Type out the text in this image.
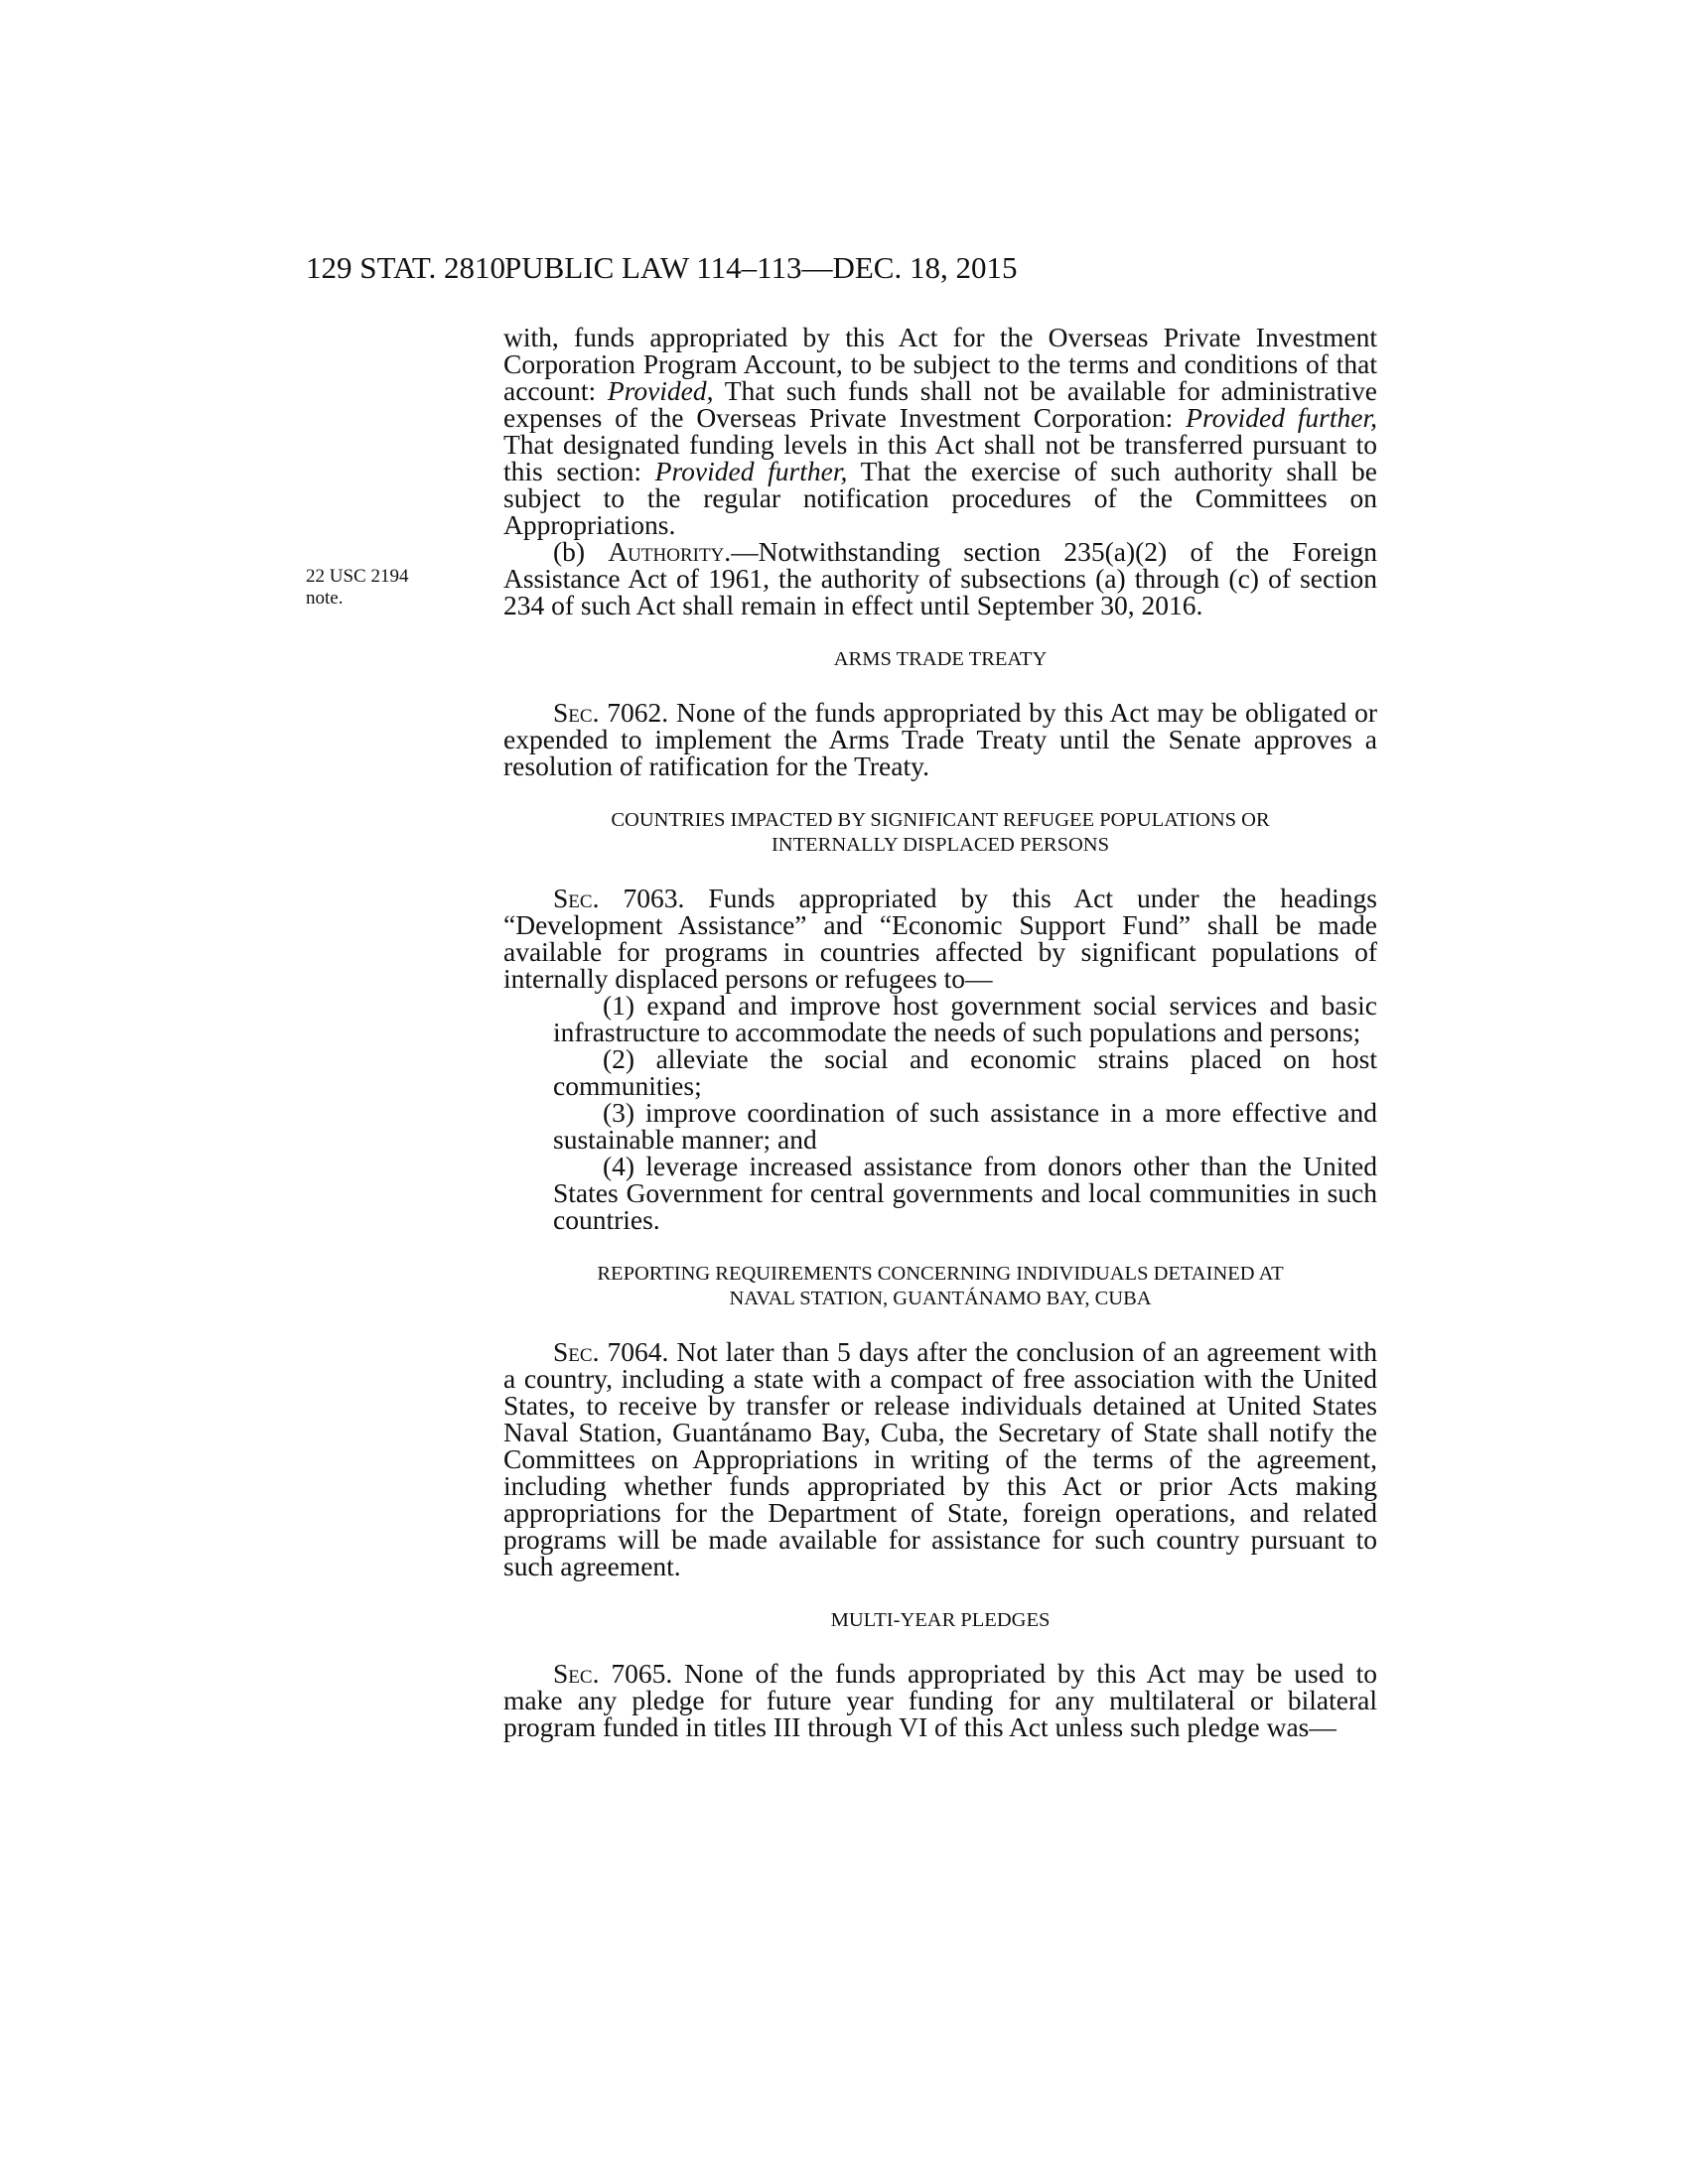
129 STAT. 2810
PUBLIC LAW 114–113—DEC. 18, 2015
22 USC 2194
note.

with, funds appropriated by this Act for the Overseas Private Investment Corporation Program Account, to be subject to the terms and conditions of that account: Provided, That such funds shall not be available for administrative expenses of the Overseas Private Investment Corporation: Provided further, That designated funding levels in this Act shall not be transferred pursuant to this section: Provided further, That the exercise of such authority shall be subject to the regular notification procedures of the Committees on Appropriations.

(b) Authority.—Notwithstanding section 235(a)(2) of the Foreign Assistance Act of 1961, the authority of subsections (a) through (c) of section 234 of such Act shall remain in effect until September 30, 2016.

ARMS TRADE TREATY

Sec. 7062. None of the funds appropriated by this Act may be obligated or expended to implement the Arms Trade Treaty until the Senate approves a resolution of ratification for the Treaty.

COUNTRIES IMPACTED BY SIGNIFICANT REFUGEE POPULATIONS OR
INTERNALLY DISPLACED PERSONS

Sec. 7063. Funds appropriated by this Act under the headings “Development Assistance” and “Economic Support Fund” shall be made available for programs in countries affected by significant populations of internally displaced persons or refugees to—

(1) expand and improve host government social services and basic infrastructure to accommodate the needs of such populations and persons;

(2) alleviate the social and economic strains placed on host communities;

(3) improve coordination of such assistance in a more effective and sustainable manner; and

(4) leverage increased assistance from donors other than the United States Government for central governments and local communities in such countries.

REPORTING REQUIREMENTS CONCERNING INDIVIDUALS DETAINED AT
NAVAL STATION, GUANTÁNAMO BAY, CUBA

Sec. 7064. Not later than 5 days after the conclusion of an agreement with a country, including a state with a compact of free association with the United States, to receive by transfer or release individuals detained at United States Naval Station, Guantánamo Bay, Cuba, the Secretary of State shall notify the Committees on Appropriations in writing of the terms of the agreement, including whether funds appropriated by this Act or prior Acts making appropriations for the Department of State, foreign operations, and related programs will be made available for assistance for such country pursuant to such agreement.

MULTI-YEAR PLEDGES

Sec. 7065. None of the funds appropriated by this Act may be used to make any pledge for future year funding for any multilateral or bilateral program funded in titles III through VI of this Act unless such pledge was—
